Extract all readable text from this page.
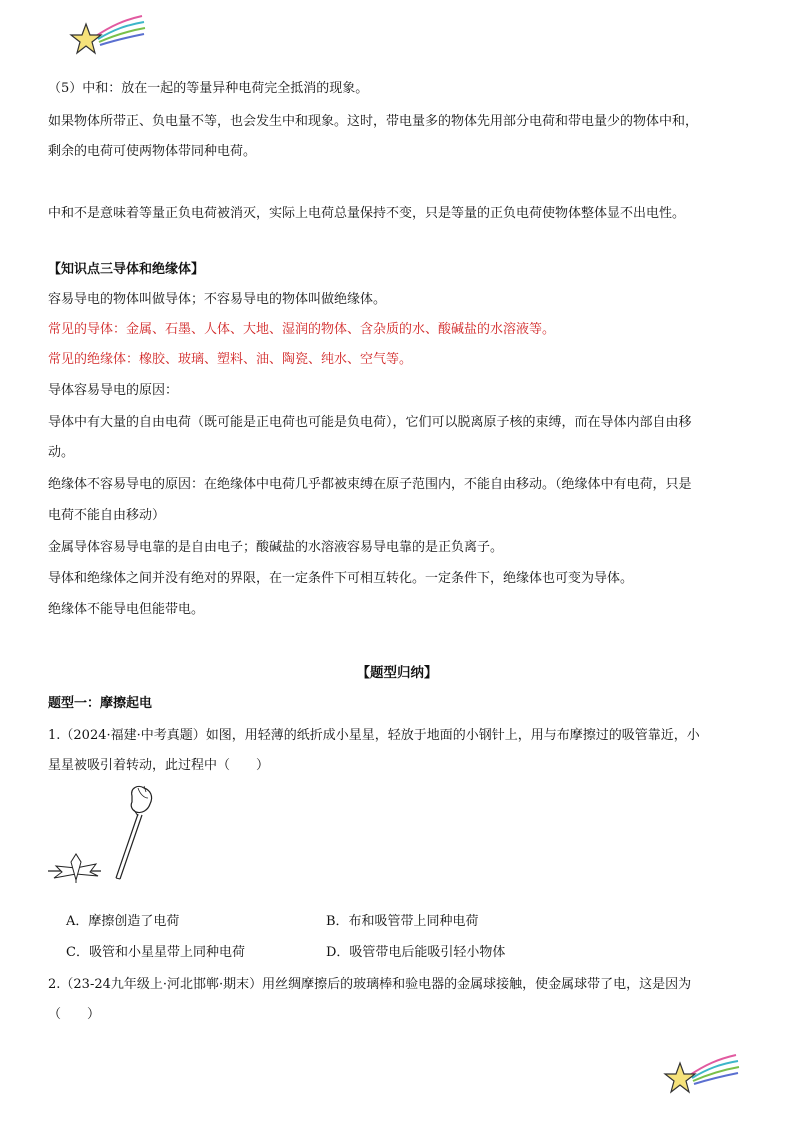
（5）中和：放在一起的等量异种电荷完全抵消的现象。
如果物体所带正、负电量不等，也会发生中和现象。这时，带电量多的物体先用部分电荷和带电量少的物体中和，
剩余的电荷可使两物体带同种电荷。
中和不是意味着等量正负电荷被消灭，实际上电荷总量保持不变，只是等量的正负电荷使物体整体显不出电性。
【知识点三导体和绝缘体】
容易导电的物体叫做导体；不容易导电的物体叫做绝缘体。
常见的导体：金属、石墨、人体、大地、湿润的物体、含杂质的水、酸碱盐的水溶液等。
常见的绝缘体：橡胶、玻璃、塑料、油、陶瓷、纯水、空气等。
导体容易导电的原因：
导体中有大量的自由电荷（既可能是正电荷也可能是负电荷），它们可以脱离原子核的束缚，而在导体内部自由移
动。
绝缘体不容易导电的原因：在绝缘体中电荷几乎都被束缚在原子范围内，不能自由移动。（绝缘体中有电荷，只是
电荷不能自由移动）
金属导体容易导电靠的是自由电子；酸碱盐的水溶液容易导电靠的是正负离子。
导体和绝缘体之间并没有绝对的界限，在一定条件下可相互转化。一定条件下，绝缘体也可变为导体。
绝缘体不能导电但能带电。
【题型归纳】
题型一：摩擦起电
1.（2024·福建·中考真题）如图，用轻薄的纸折成小星星，轻放于地面的小钢针上，用与布摩擦过的吸管靠近，小
星星被吸引着转动，此过程中（　　）
A．摩擦创造了电荷	B．布和吸管带上同种电荷
C．吸管和小星星带上同种电荷	D．吸管带电后能吸引轻小物体
2.（23-24九年级上·河北邯郸·期末）用丝绸摩擦后的玻璃棒和验电器的金属球接触，使金属球带了电，这是因为
（　　）
